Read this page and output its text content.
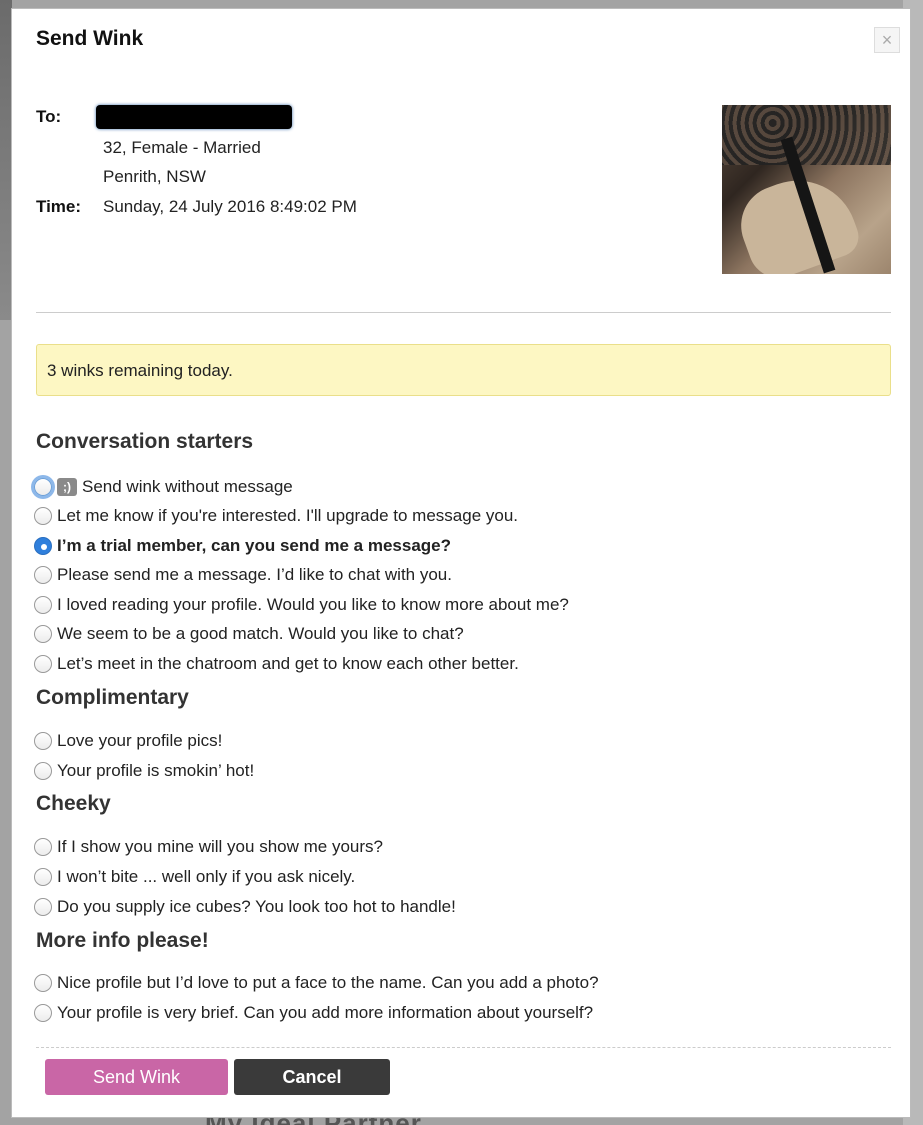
Send Wink	×
To:
32, Female - Married
Penrith, NSW
Time: Sunday, 24 July 2016 8:49:02 PM
3 winks remaining today.
Conversation starters
;) Send wink without message
Let me know if you're interested. I'll upgrade to message you.
I’m a trial member, can you send me a message?
Please send me a message. I’d like to chat with you.
I loved reading your profile. Would you like to know more about me?
We seem to be a good match. Would you like to chat?
Let’s meet in the chatroom and get to know each other better.
Complimentary
Love your profile pics!
Your profile is smokin’ hot!
Cheeky
If I show you mine will you show me yours?
I won’t bite ... well only if you ask nicely.
Do you supply ice cubes? You look too hot to handle!
More info please!
Nice profile but I’d love to put a face to the name. Can you add a photo?
Your profile is very brief. Can you add more information about yourself?
Send Wink	Cancel
